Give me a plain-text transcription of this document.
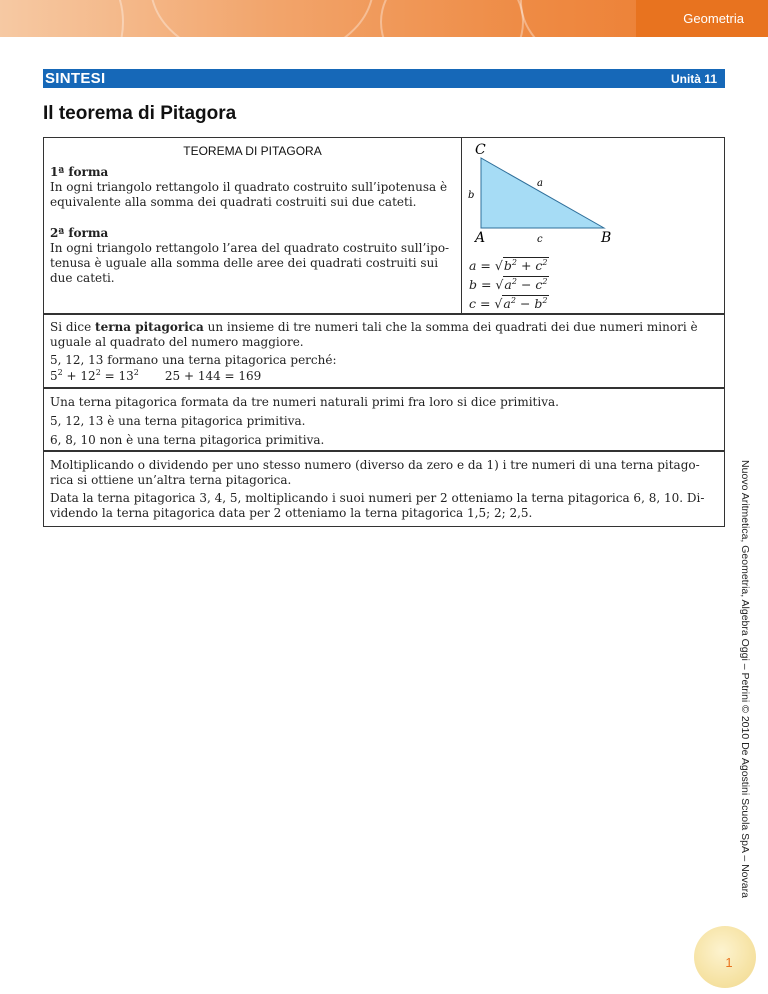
Geometria
SINTESI	Unità 11
Il teorema di Pitagora
TEOREMA DI PITAGORA

1ª forma

In ogni triangolo rettangolo il quadrato costruito sull’ipotenusa è

equivalente alla somma dei quadrati costruiti sui due cateti.

2ª forma

In ogni triangolo rettangolo l’area del quadrato costruito sull’ipo-

tenusa è uguale alla somma delle aree dei quadrati costruiti sui

due cateti.

C
A	B
a
b
c
$a = √b^2 + c^2$
$b = √a^2 - c^2$
$c = √a^2 - b^2$

Si dice terna pitagorica un insieme di tre numeri tali che la somma dei quadrati dei due numeri minori è

uguale al quadrato del numero maggiore.

5, 12, 13 formano una terna pitagorica perché:

$5^2 + 12^2 = 13^2$ 25 + 144 = 169

Una terna pitagorica formata da tre numeri naturali primi fra loro si dice primitiva.

5, 12, 13 è una terna pitagorica primitiva.

6, 8, 10 non è una terna pitagorica primitiva.

Moltiplicando o dividendo per uno stesso numero (diverso da zero e da 1) i tre numeri di una terna pitago-

rica si ottiene un’altra terna pitagorica.

Data la terna pitagorica 3, 4, 5, moltiplicando i suoi numeri per 2 otteniamo la terna pitagorica 6, 8, 10. Di-

videndo la terna pitagorica data per 2 otteniamo la terna pitagorica 1,5; 2; 2,5.	Nuovo Aritmetica, Geometria, Algebra Oggi – Petrini © 2010 De Agostini Scuola SpA – Novara
1
